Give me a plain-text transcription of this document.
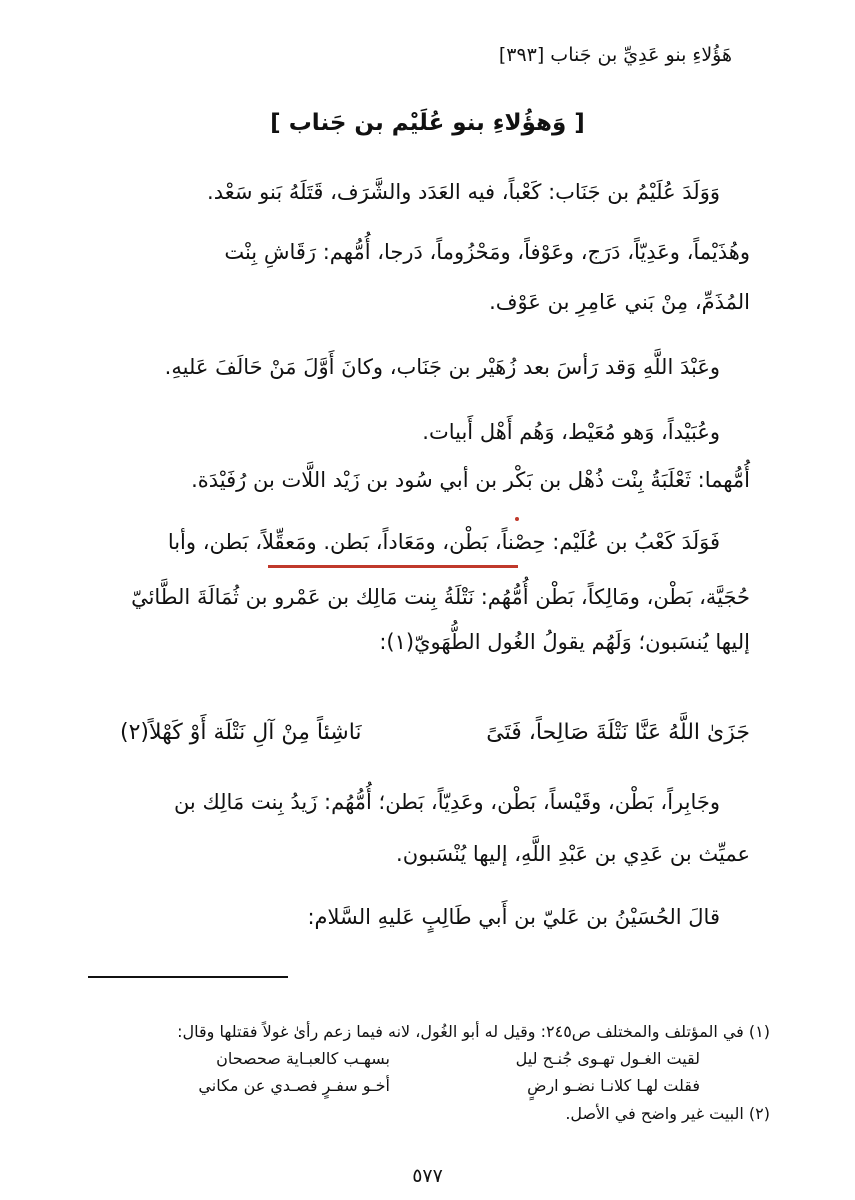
هَؤُلاءِ بنو عَدِيِّ بن جَناب [٣٩٣]
[ وَهؤُلاءِ بنو عُلَيْم بن جَناب ]
وَوَلَدَ عُلَيْمُ بن جَنَاب: كَعْباً، فيه العَدَد والشَّرَف، قَتَلَهُ بَنو سَعْد.
وهُذَيْماً، وعَدِيّاً، دَرَج، وعَوْفاً، ومَحْزُوماً، دَرجا، أُمُّهم: رَقَاشِ بِنْت
المُذَمِّ، مِنْ بَني عَامِرِ بن عَوْف.
وعَبْدَ اللَّهِ وَقد رَأسَ بعد زُهَيْر بن جَنَاب، وكانَ أَوَّلَ مَنْ حَالَفَ عَليهِ.
وعُبَيْداً، وَهو مُعَيْط، وَهُم أَهْل أَبيات.
أُمُّهما: ثَعْلَبَةُ بِنْت ذُهْل بن بَكْر بن أبي سُود بن زَيْد اللَّات بن رُفَيْدَة.
فَوَلَدَ كَعْبُ بن عُلَيْم: حِصْناً، بَطْن، ومَعَاداً، بَطن. ومَعقِّلاً، بَطن، وأبا
حُجَيَّة، بَطْن، ومَالِكاً، بَطْن أُمُّهُم: نَتْلَةُ بِنت مَالِك بن عَمْرو بن ثُمَالَةَ الطَّائيّ
إليها يُنسَبون؛ وَلَهُم يقولُ الغُول الطُّهَويّ(١):
جَزَىٰ اللَّهُ عَنَّا نَتْلَةَ صَالِحاً، فَتَىً
نَاشِئاً مِنْ آلِ نَتْلَة أَوْ كَهْلاً(٢)
وجَابِراً، بَطْن، وقَيْساً، بَطْن، وعَدِيّاً، بَطن؛ أُمُّهُم: زَيدُ بِنت مَالِك بن
عميِّث بن عَدِي بن عَبْدِ اللَّهِ، إليها يُنْسَبون.
قالَ الحُسَيْنُ بن عَليّ بن أَبي طَالِبٍ عَليهِ السَّلام:
(١) في المؤتلف والمختلف ص٢٤٥: وقيل له أبو الغُول، لانه فيما زعم رأىٰ غولاً فقتلها وقال:
لقيت الغـول تهـوى جُنـح ليل
بسهـب كالعبـاية صحصحان
فقلت لهـا كلانـا نضـو ارضٍ
أخـو سفـرٍ فصـدي عن مكاني
(٢) البيت غير واضح في الأصل.
٥٧٧
